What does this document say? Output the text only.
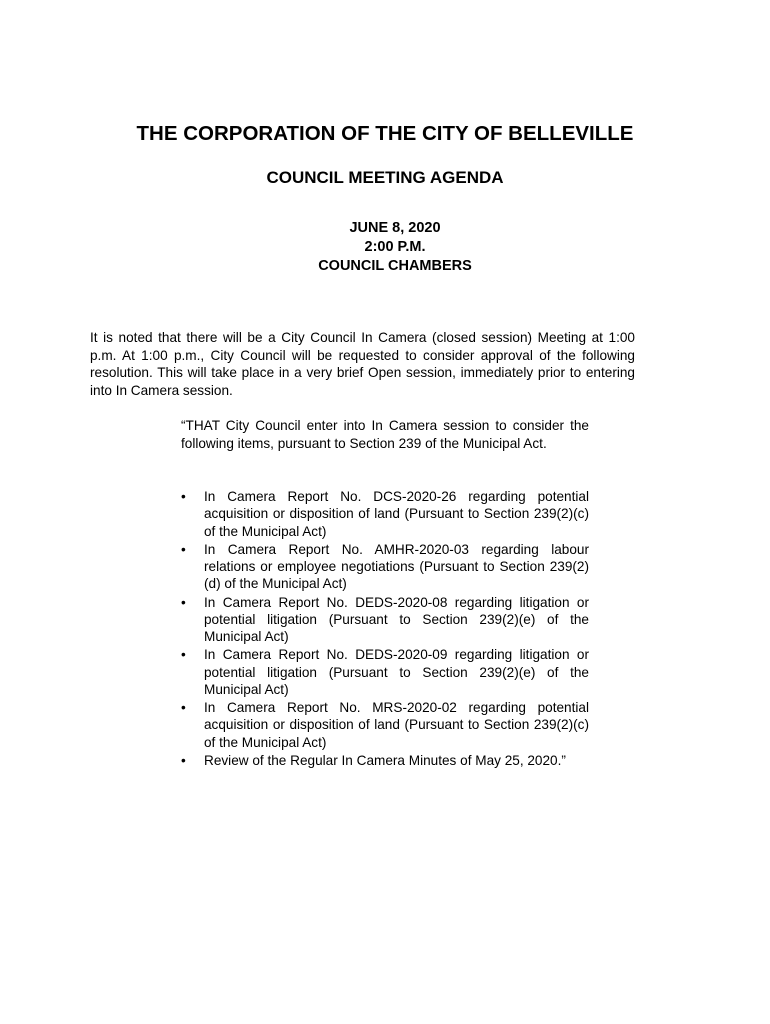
THE CORPORATION OF THE CITY OF BELLEVILLE
COUNCIL MEETING AGENDA
JUNE 8, 2020
2:00 P.M.
COUNCIL CHAMBERS

It is noted that there will be a City Council In Camera (closed session) Meeting at 1:00 p.m. At 1:00 p.m., City Council will be requested to consider approval of the following resolution. This will take place in a very brief Open session, immediately prior to entering into In Camera session.

“THAT City Council enter into In Camera session to consider the following items, pursuant to Section 239 of the Municipal Act.

• In Camera Report No. DCS-2020-26 regarding potential acquisition or disposition of land (Pursuant to Section 239(2)(c) of the Municipal Act)
• In Camera Report No. AMHR-2020-03 regarding labour relations or employee negotiations (Pursuant to Section 239(2)(d) of the Municipal Act)
• In Camera Report No. DEDS-2020-08 regarding litigation or potential litigation (Pursuant to Section 239(2)(e) of the Municipal Act)
• In Camera Report No. DEDS-2020-09 regarding litigation or potential litigation (Pursuant to Section 239(2)(e) of the Municipal Act)
• In Camera Report No. MRS-2020-02 regarding potential acquisition or disposition of land (Pursuant to Section 239(2)(c) of the Municipal Act)
• Review of the Regular In Camera Minutes of May 25, 2020.”
